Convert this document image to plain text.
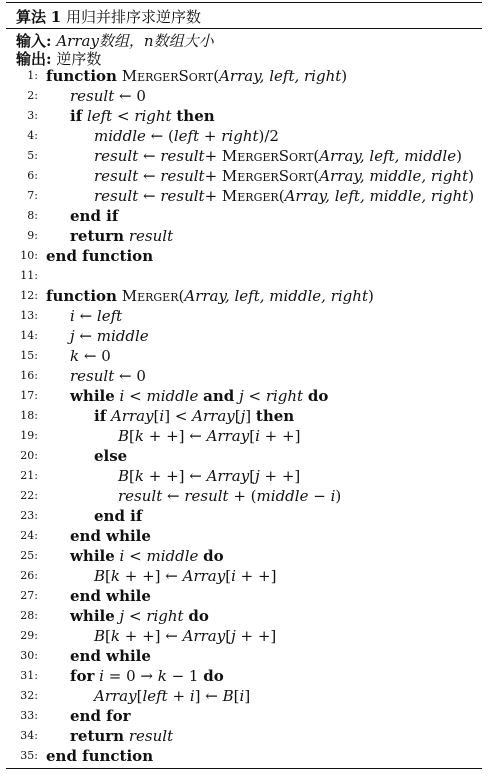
算法 1 用归并排序求逆序数
输入: Array数组，n数组大小
输出: 逆序数
1: function MergerSort(Array, left, right)
2: result ← 0
3: if left < right then
4:	middle ← (left + right)/2
5:	result ← result+ MergerSort(Array, left, middle)
6:	result ← result+ MergerSort(Array, middle, right)
7:	result ← result+ Merger(Array, left, middle, right)
8: end if
9: return result
10: end function
11:
12: function Merger(Array, left, middle, right)
13: i ← left
14: j ← middle
15: k ← 0
16: result ← 0
17: while i < middle and j < right do
18:	if Array[i] < Array[j] then
19:	B[k + +] ← Array[i + +]
20:	else
21:	B[k + +] ← Array[j + +]
22:	result ← result + (middle − i)
23:	end if
24: end while
25: while i < middle do
26:	B[k + +] ← Array[i + +]
27: end while
28: while j < right do
29:	B[k + +] ← Array[j + +]
30: end while
31: for i = 0 → k − 1 do
32:	Array[left + i] ← B[i]
33: end for
34: return result
35: end function
